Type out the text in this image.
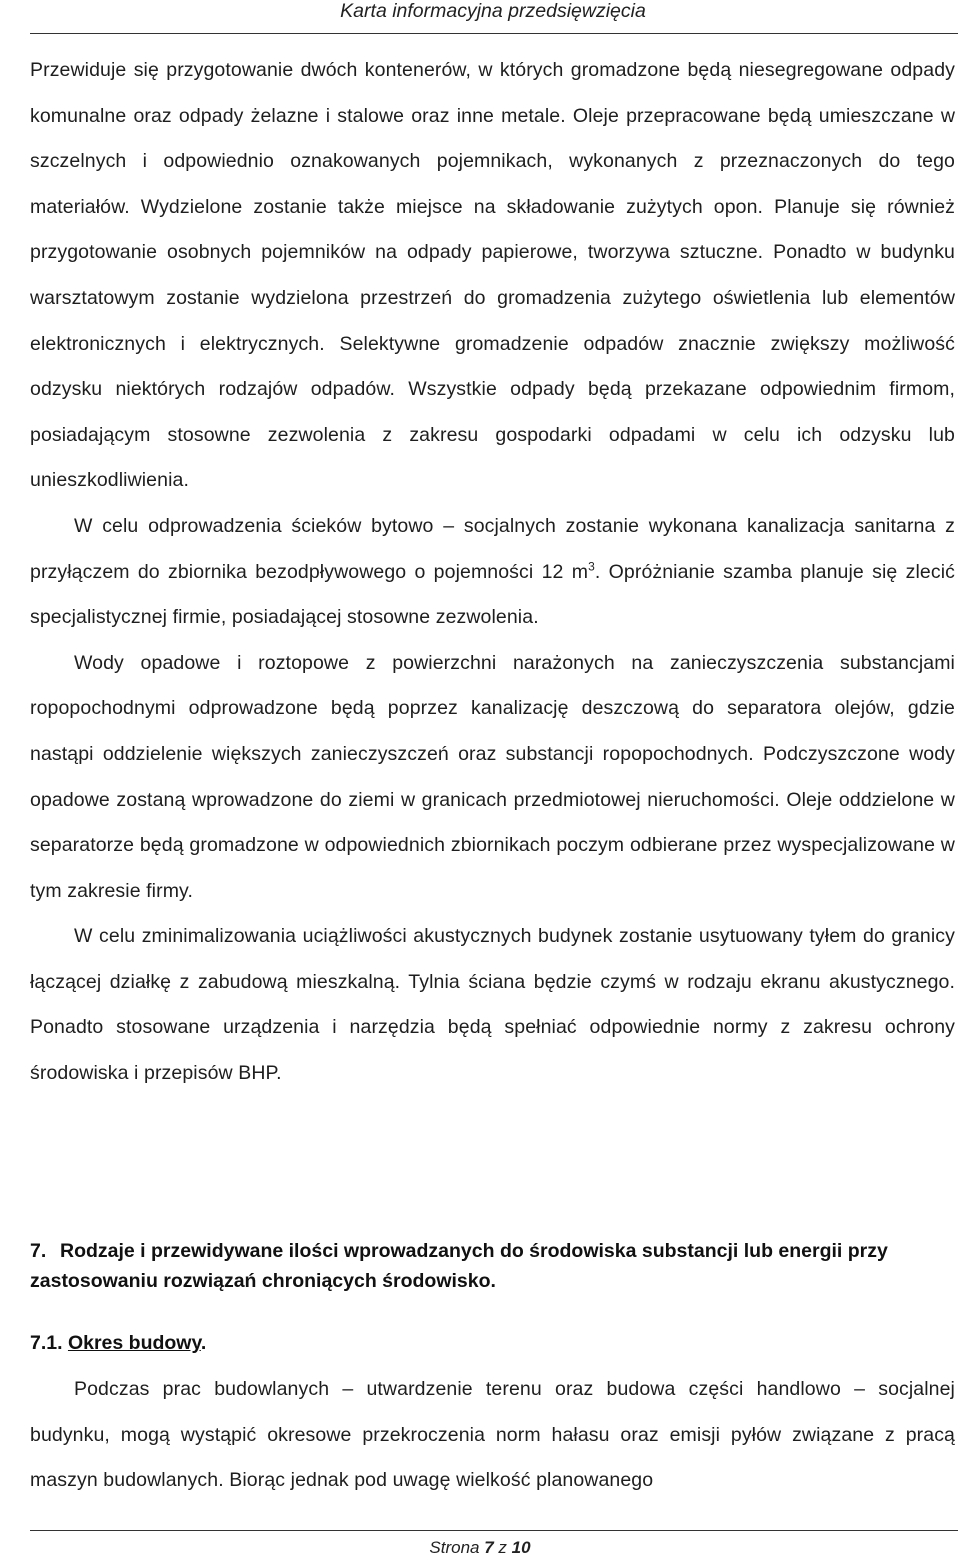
Karta informacyjna przedsięwzięcia

Przewiduje się przygotowanie dwóch kontenerów, w których gromadzone będą niesegregowane odpady komunalne oraz odpady żelazne i stalowe oraz inne metale. Oleje przepracowane będą umieszczane w szczelnych i odpowiednio oznakowanych pojemnikach, wykonanych z przeznaczonych do tego materiałów. Wydzielone zostanie także miejsce na składowanie zużytych opon. Planuje się również przygotowanie osobnych pojemników na odpady papierowe, tworzywa sztuczne. Ponadto w budynku warsztatowym zostanie wydzielona przestrzeń do gromadzenia zużytego oświetlenia lub elementów elektronicznych i elektrycznych. Selektywne gromadzenie odpadów znacznie zwiększy możliwość odzysku niektórych rodzajów odpadów. Wszystkie odpady będą przekazane odpowiednim firmom, posiadającym stosowne zezwolenia z zakresu gospodarki odpadami w celu ich odzysku lub unieszkodliwienia.

W celu odprowadzenia ścieków bytowo – socjalnych zostanie wykonana kanalizacja sanitarna z przyłączem do zbiornika bezodpływowego o pojemności 12 $m^3$. Opróżnianie szamba planuje się zlecić specjalistycznej firmie, posiadającej stosowne zezwolenia.

Wody opadowe i roztopowe z powierzchni narażonych na zanieczyszczenia substancjami ropopochodnymi odprowadzone będą poprzez kanalizację deszczową do separatora olejów, gdzie nastąpi oddzielenie większych zanieczyszczeń oraz substancji ropopochodnych. Podczyszczone wody opadowe zostaną wprowadzone do ziemi w granicach przedmiotowej nieruchomości. Oleje oddzielone w separatorze będą gromadzone w odpowiednich zbiornikach poczym odbierane przez wyspecjalizowane w tym zakresie firmy.

W celu zminimalizowania uciążliwości akustycznych budynek zostanie usytuowany tyłem do granicy łączącej działkę z zabudową mieszkalną. Tylnia ściana będzie czymś w rodzaju ekranu akustycznego. Ponadto stosowane urządzenia i narzędzia będą spełniać odpowiednie normy z zakresu ochrony środowiska i przepisów BHP.

7. Rodzaje i przewidywane ilości wprowadzanych do środowiska substancji lub energii przy zastosowaniu rozwiązań chroniących środowisko.
7.1. Okres budowy.

Podczas prac budowlanych – utwardzenie terenu oraz budowa części handlowo – socjalnej budynku, mogą wystąpić okresowe przekroczenia norm hałasu oraz emisji pyłów związane z pracą maszyn budowlanych. Biorąc jednak pod uwagę wielkość planowanego

Strona 7 z 10
